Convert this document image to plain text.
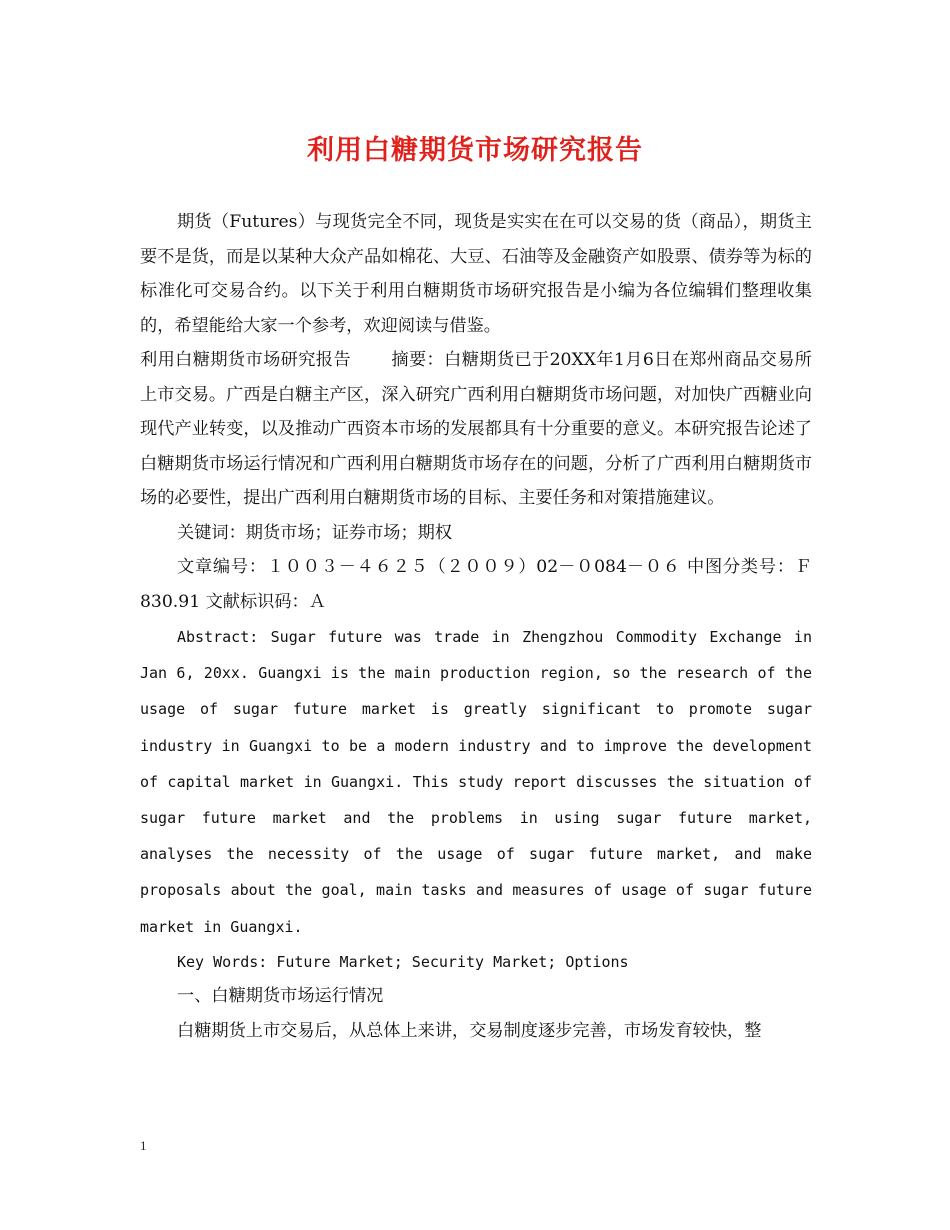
利用白糖期货市场研究报告

期货（Futures）与现货完全不同，现货是实实在在可以交易的货（商品），期货主要不是货，而是以某种大众产品如棉花、大豆、石油等及金融资产如股票、债券等为标的标准化可交易合约。以下关于利用白糖期货市场研究报告是小编为各位编辑们整理收集的，希望能给大家一个参考，欢迎阅读与借鉴。

利用白糖期货市场研究报告 摘要：白糖期货已于20XX年1月6日在郑州商品交易所上市交易。广西是白糖主产区，深入研究广西利用白糖期货市场问题，对加快广西糖业向现代产业转变，以及推动广西资本市场的发展都具有十分重要的意义。本研究报告论述了白糖期货市场运行情况和广西利用白糖期货市场存在的问题，分析了广西利用白糖期货市场的必要性，提出广西利用白糖期货市场的目标、主要任务和对策措施建议。

关键词：期货市场；证券市场；期权

文章编号：１００３－４６２５（２００９）02－０084－０６ 中图分类号：Ｆ830.91 文献标识码：Ａ

Abstract: Sugar future was trade in Zhengzhou Commodity Exchange in Jan 6, 20xx. Guangxi is the main production region, so the research of the usage of sugar future market is greatly significant to promote sugar industry in Guangxi to be a modern industry and to improve the development of capital market in Guangxi. This study report discusses the situation of sugar future market and the problems in using sugar future market, analyses the necessity of the usage of sugar future market, and make proposals about the goal, main tasks and measures of usage of sugar future market in Guangxi.

Key Words: Future Market; Security Market; Options

一、白糖期货市场运行情况

白糖期货上市交易后，从总体上来讲，交易制度逐步完善，市场发育较快，整

1
